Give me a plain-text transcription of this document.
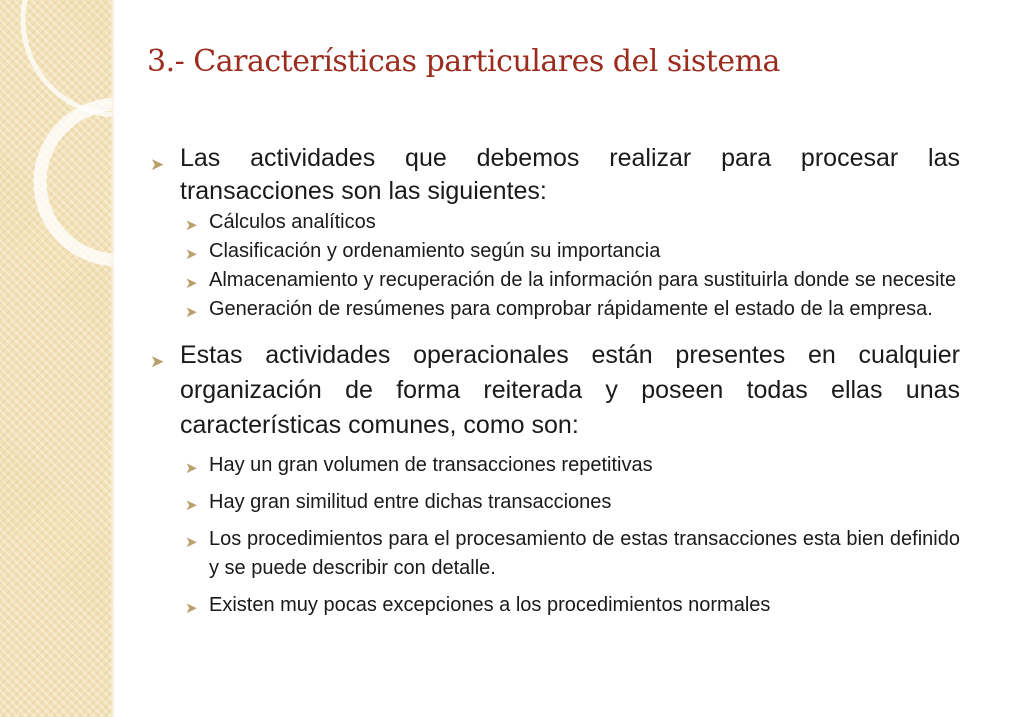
3.- Características particulares del sistema
➤ Las actividades que debemos realizar para procesar las transacciones son las siguientes:
➤ Cálculos analíticos
➤ Clasificación y ordenamiento según su importancia
➤ Almacenamiento y recuperación de la información para sustituirla donde se necesite
➤ Generación de resúmenes para comprobar rápidamente el estado de la empresa.
➤ Estas actividades operacionales están presentes en cualquier organización de forma reiterada y poseen todas ellas unas características comunes, como son:
➤ Hay un gran volumen de transacciones repetitivas
➤ Hay gran similitud entre dichas transacciones
➤ Los procedimientos para el procesamiento de estas transacciones esta bien definido y se puede describir con detalle.
➤ Existen muy pocas excepciones a los procedimientos normales
